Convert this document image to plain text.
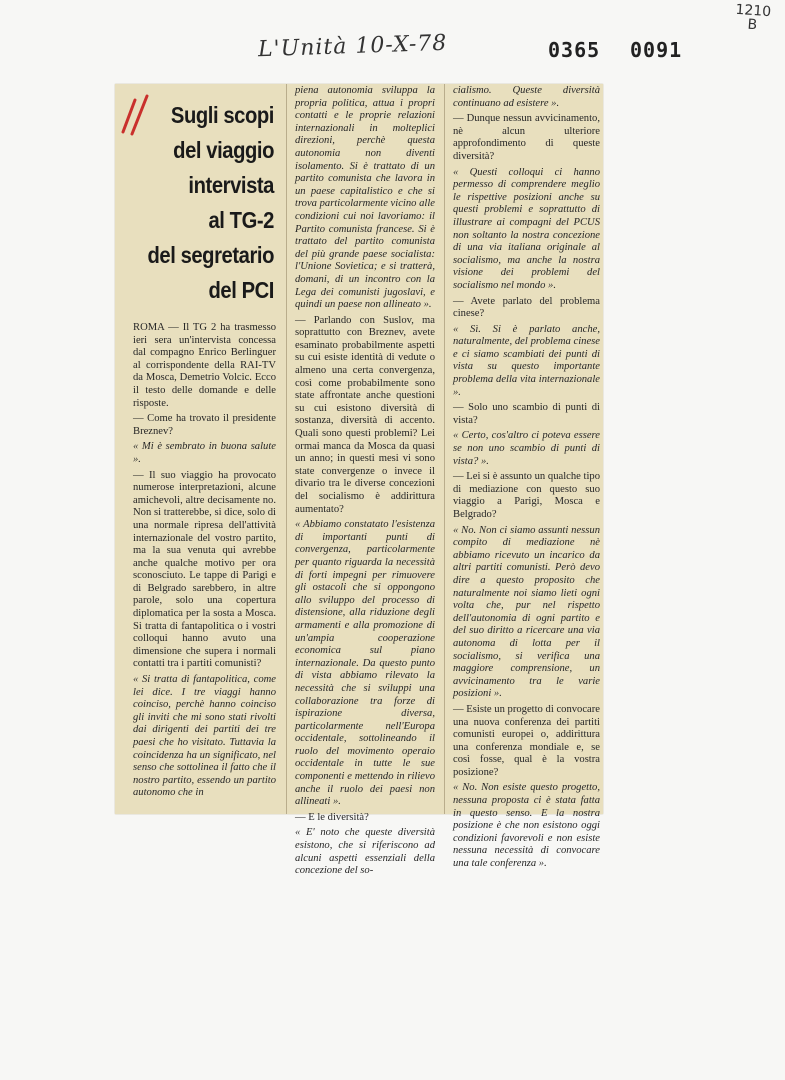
L'Unità 10-X-78	0365 0091
1210
B
Sugli scopi
del viaggio
intervista
al TG-2
del segretario
del PCI

ROMA — Il TG 2 ha trasmesso ieri sera un'intervista concessa dal compagno Enrico Berlinguer al corrispondente della RAI-TV da Mosca, Demetrio Volcic. Ecco il testo delle domande e delle risposte.

— Come ha trovato il presidente Breznev?

« Mi è sembrato in buona salute ».

— Il suo viaggio ha provocato numerose interpretazioni, alcune amichevoli, altre decisamente no. Non si tratterebbe, si dice, solo di una normale ripresa dell'attività internazionale del vostro partito, ma la sua venuta qui avrebbe anche qualche motivo per ora sconosciuto. Le tappe di Parigi e di Belgrado sarebbero, in altre parole, solo una copertura diplomatica per la sosta a Mosca. Si tratta di fantapolitica o i vostri colloqui hanno avuto una dimensione che supera i normali contatti tra i partiti comunisti?

« Si tratta di fantapolitica, come lei dice. I tre viaggi hanno coinciso, perchè hanno coinciso gli inviti che mi sono stati rivolti dai dirigenti dei partiti dei tre paesi che ho visitato. Tuttavia la coincidenza ha un significato, nel senso che sottolinea il fatto che il nostro partito, essendo un partito autonomo che in

piena autonomia sviluppa la propria politica, attua i propri contatti e le proprie relazioni internazionali in molteplici direzioni, perchè questa autonomia non diventi isolamento. Si è trattato di un partito comunista che lavora in un paese capitalistico e che si trova particolarmente vicino alle condizioni cui noi lavoriamo: il Partito comunista francese. Si è trattato del partito comunista del più grande paese socialista: l'Unione Sovietica; e si tratterà, domani, di un incontro con la Lega dei comunisti jugoslavi, e quindi un paese non allineato ».

— Parlando con Suslov, ma soprattutto con Breznev, avete esaminato probabilmente aspetti su cui esiste identità di vedute o almeno una certa convergenza, così come probabilmente sono state affrontate anche questioni su cui esistono diversità di sostanza, diversità di accento. Quali sono questi problemi? Lei ormai manca da Mosca da quasi un anno; in questi mesi vi sono state convergenze o invece il divario tra le diverse concezioni del socialismo è addirittura aumentato?

« Abbiamo constatato l'esistenza di importanti punti di convergenza, particolarmente per quanto riguarda la necessità di forti impegni per rimuovere gli ostacoli che si oppongono allo sviluppo del processo di distensione, alla riduzione degli armamenti e alla promozione di un'ampia cooperazione economica sul piano internazionale. Da questo punto di vista abbiamo rilevato la necessità che si sviluppi una collaborazione tra forze di ispirazione diversa, particolarmente nell'Europa occidentale, sottolineando il ruolo del movimento operaio occidentale in tutte le sue componenti e mettendo in rilievo anche il ruolo dei paesi non allineati ».

— E le diversità?

« E' noto che queste diversità esistono, che si riferiscono ad alcuni aspetti essenziali della concezione del so-

cialismo. Queste diversità continuano ad esistere ».

— Dunque nessun avvicinamento, nè alcun ulteriore approfondimento di queste diversità?

« Questi colloqui ci hanno permesso di comprendere meglio le rispettive posizioni anche su questi problemi e soprattutto di illustrare ai compagni del PCUS non soltanto la nostra concezione di una via italiana originale al socialismo, ma anche la nostra visione dei problemi del socialismo nel mondo ».

— Avete parlato del problema cinese?

« Sì. Si è parlato anche, naturalmente, del problema cinese e ci siamo scambiati dei punti di vista su questo importante problema della vita internazionale ».

— Solo uno scambio di punti di vista?

« Certo, cos'altro ci poteva essere se non uno scambio di punti di vista? ».

— Lei si è assunto un qualche tipo di mediazione con questo suo viaggio a Parigi, Mosca e Belgrado?

« No. Non ci siamo assunti nessun compito di mediazione nè abbiamo ricevuto un incarico da altri partiti comunisti. Però devo dire a questo proposito che naturalmente noi siamo lieti ogni volta che, pur nel rispetto dell'autonomia di ogni partito e del suo diritto a ricercare una via autonoma di lotta per il socialismo, si verifica una maggiore comprensione, un avvicinamento tra le varie posizioni ».

— Esiste un progetto di convocare una nuova conferenza dei partiti comunisti europei o, addirittura una conferenza mondiale e, se così fosse, qual è la vostra posizione?

« No. Non esiste questo progetto, nessuna proposta ci è stata fatta in questo senso. E la nostra posizione è che non esistono oggi condizioni favorevoli e non esiste nessuna necessità di convocare una tale conferenza ».
